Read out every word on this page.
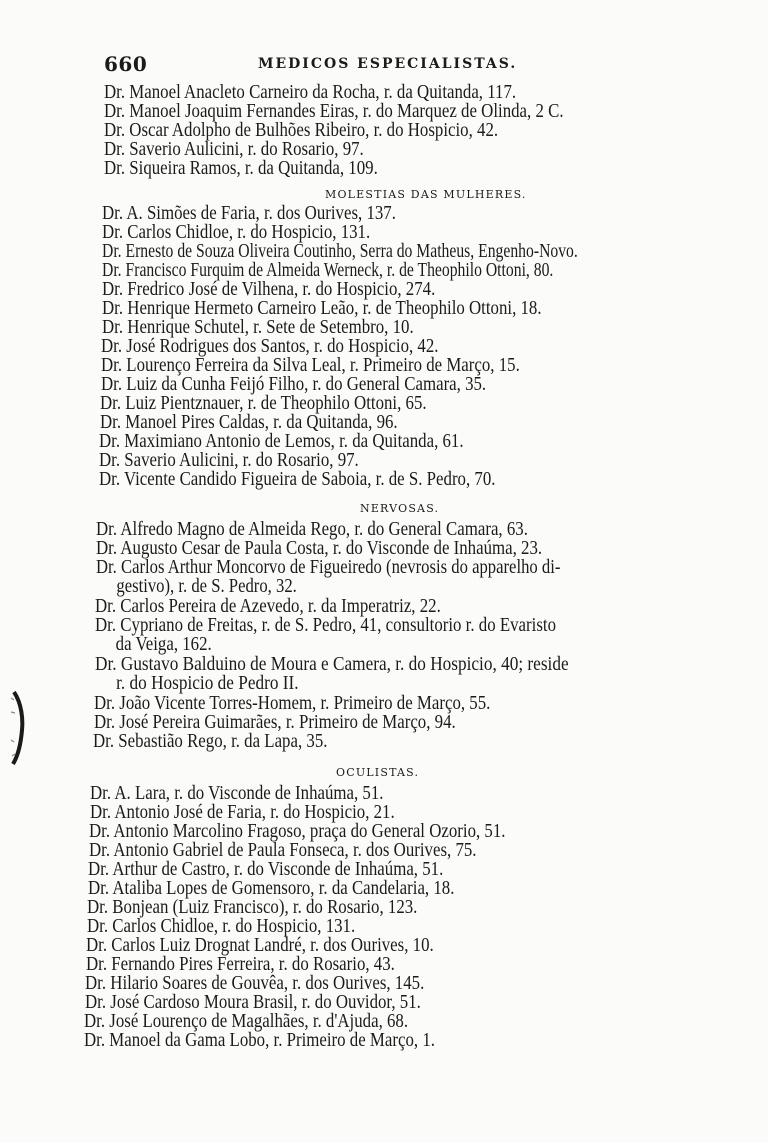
660	MEDICOS ESPECIALISTAS.
Dr. Manoel Anacleto Carneiro da Rocha, r. da Quitanda, 117.
Dr. Manoel Joaquim Fernandes Eiras, r. do Marquez de Olinda, 2 C.
Dr. Oscar Adolpho de Bulhões Ribeiro, r. do Hospicio, 42.
Dr. Saverio Aulicini, r. do Rosario, 97.
Dr. Siqueira Ramos, r. da Quitanda, 109.
MOLESTIAS DAS MULHERES.
Dr. A. Simões de Faria, r. dos Ourives, 137.
Dr. Carlos Chidloe, r. do Hospicio, 131.
Dr. Ernesto de Souza Oliveira Coutinho, Serra do Matheus, Engenho-Novo.
Dr. Francisco Furquim de Almeida Werneck, r. de Theophilo Ottoni, 80.
Dr. Fredrico José de Vilhena, r. do Hospicio, 274.
Dr. Henrique Hermeto Carneiro Leão, r. de Theophilo Ottoni, 18.
Dr. Henrique Schutel, r. Sete de Setembro, 10.
Dr. José Rodrigues dos Santos, r. do Hospicio, 42.
Dr. Lourenço Ferreira da Silva Leal, r. Primeiro de Março, 15.
Dr. Luiz da Cunha Feijó Filho, r. do General Camara, 35.
Dr. Luiz Pientznauer, r. de Theophilo Ottoni, 65.
Dr. Manoel Pires Caldas, r. da Quitanda, 96.
Dr. Maximiano Antonio de Lemos, r. da Quitanda, 61.
Dr. Saverio Aulicini, r. do Rosario, 97.
Dr. Vicente Candido Figueira de Saboia, r. de S. Pedro, 70.
NERVOSAS.
Dr. Alfredo Magno de Almeida Rego, r. do General Camara, 63.
Dr. Augusto Cesar de Paula Costa, r. do Visconde de Inhaúma, 23.
Dr. Carlos Arthur Moncorvo de Figueiredo (nevrosis do apparelho di-
gestivo), r. de S. Pedro, 32.
Dr. Carlos Pereira de Azevedo, r. da Imperatriz, 22.
Dr. Cypriano de Freitas, r. de S. Pedro, 41, consultorio r. do Evaristo
da Veiga, 162.
Dr. Gustavo Balduino de Moura e Camera, r. do Hospicio, 40; reside
r. do Hospicio de Pedro II.
Dr. João Vicente Torres-Homem, r. Primeiro de Março, 55.
Dr. José Pereira Guimarães, r. Primeiro de Março, 94.
Dr. Sebastião Rego, r. da Lapa, 35.
OCULISTAS.
Dr. A. Lara, r. do Visconde de Inhaúma, 51.
Dr. Antonio José de Faria, r. do Hospicio, 21.
Dr. Antonio Marcolino Fragoso, praça do General Ozorio, 51.
Dr. Antonio Gabriel de Paula Fonseca, r. dos Ourives, 75.
Dr. Arthur de Castro, r. do Visconde de Inhaúma, 51.
Dr. Ataliba Lopes de Gomensoro, r. da Candelaria, 18.
Dr. Bonjean (Luiz Francisco), r. do Rosario, 123.
Dr. Carlos Chidloe, r. do Hospicio, 131.
Dr. Carlos Luiz Drognat Landré, r. dos Ourives, 10.
Dr. Fernando Pires Ferreira, r. do Rosario, 43.
Dr. Hilario Soares de Gouvêa, r. dos Ourives, 145.
Dr. José Cardoso Moura Brasil, r. do Ouvidor, 51.
Dr. José Lourenço de Magalhães, r. d'Ajuda, 68.
Dr. Manoel da Gama Lobo, r. Primeiro de Março, 1.
